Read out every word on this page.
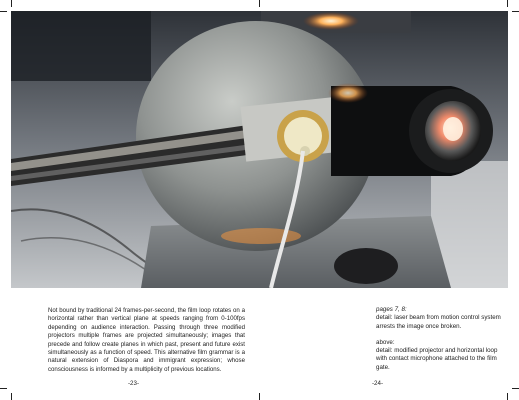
Not bound by traditional 24 frames-per-second, the film loop rotates on a horizontal rather than vertical plane at speeds ranging from 0-100fps depending on audience interaction. Passing through three modified projectors multiple frames are projected simultaneously; images that precede and follow create planes in which past, present and future exist simultaneously as a function of speed. This alternative film grammar is a natural extension of Diaspora and immigrant expression; whose consciousness is informed by a multiplicity of previous locations.
pages 7, 8:
detail: laser beam from motion control system arrests the image once broken.
above:
detail: modified projector and horizontal loop with contact microphone attached to the film gate.
-23-	-24-
